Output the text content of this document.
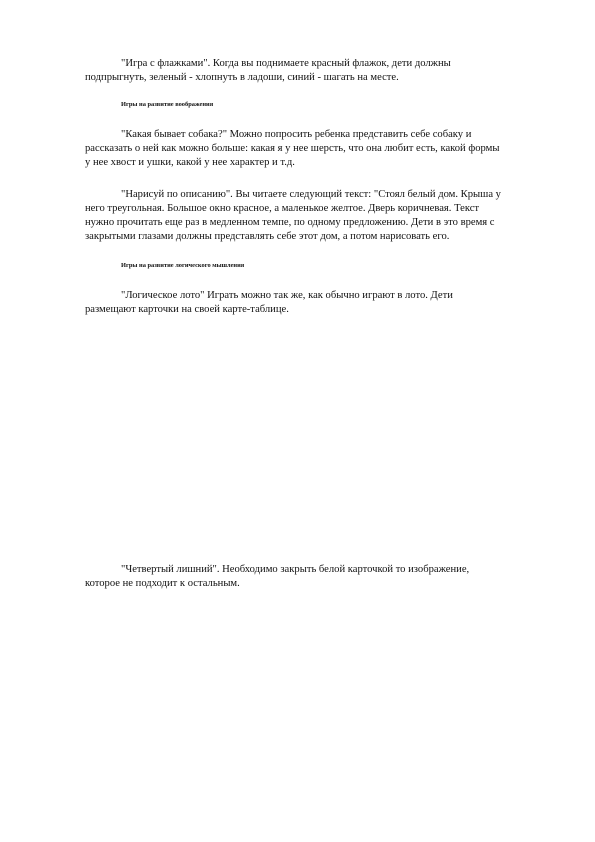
"Игра с флажками". Когда вы поднимаете красный флажок, дети должны
подпрыгнуть, зеленый - хлопнуть в ладоши, синий - шагать на месте.

Игры на развитие воображения

"Какая бывает собака?" Можно попросить ребенка представить себе собаку и
рассказать о ней как можно больше: какая я у нее шерсть, что она любит есть, какой формы
у нее хвост и ушки, какой у нее характер и т.д.

"Нарисуй по описанию". Вы читаете следующий текст: "Стоял белый дом. Крыша у
него треугольная. Большое окно красное, а маленькое желтое. Дверь коричневая. Текст
нужно прочитать еще раз в медленном темпе, по одному предложению. Дети в это время с
закрытыми глазами должны представлять себе этот дом, а потом нарисовать его.

Игры на развитие логического мышления

"Логическое лото" Играть можно так же, как обычно играют в лото. Дети
размещают карточки на своей карте-таблице.

"Четвертый лишний". Необходимо закрыть белой карточкой то изображение,
которое не подходит к остальным.
